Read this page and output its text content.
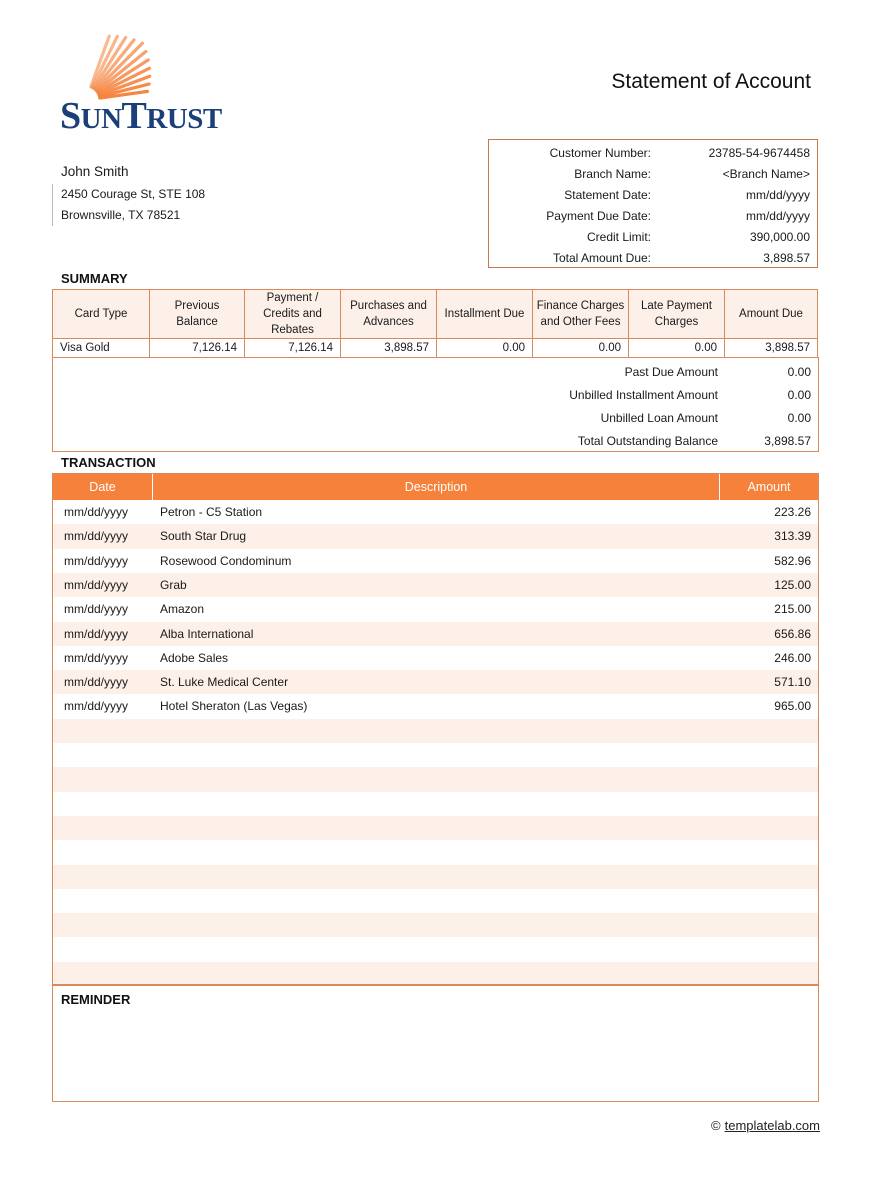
SUNTRUST
Statement of Account
John Smith
2450 Courage St, STE 108
Brownsville, TX 78521
Customer Number:	23785-54-9674458
Branch Name:	<Branch Name>
Statement Date:	mm/dd/yyyy
Payment Due Date:	mm/dd/yyyy
Credit Limit:	390,000.00
Total Amount Due:	3,898.57
SUMMARY
Card Type	Previous Balance	Payment / Credits and Rebates	Purchases and Advances	Installment Due	Finance Charges and Other Fees	Late Payment Charges	Amount Due
Visa Gold	7,126.14	7,126.14	3,898.57	0.00	0.00	0.00	3,898.57
Past Due Amount	0.00
Unbilled Installment Amount	0.00
Unbilled Loan Amount	0.00
Total Outstanding Balance	3,898.57
TRANSACTION
Date	Description	Amount
mm/dd/yyyy	Petron - C5 Station	223.26
mm/dd/yyyy	South Star Drug	313.39
mm/dd/yyyy	Rosewood Condominum	582.96
mm/dd/yyyy	Grab	125.00
mm/dd/yyyy	Amazon	215.00
mm/dd/yyyy	Alba International	656.86
mm/dd/yyyy	Adobe Sales	246.00
mm/dd/yyyy	St. Luke Medical Center	571.10
mm/dd/yyyy	Hotel Sheraton (Las Vegas)	965.00
REMINDER
© templatelab.com
